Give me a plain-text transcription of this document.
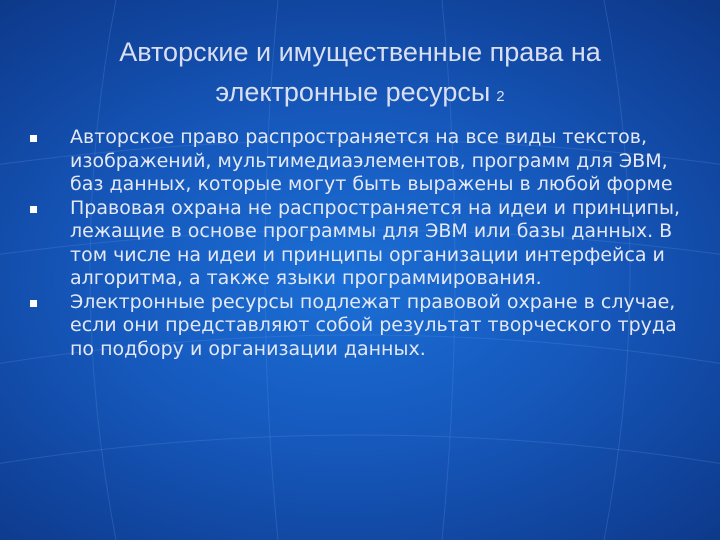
Авторские и имущественные права на
электронные ресурсы 2
Авторское право распространяется на все виды текстов, изображений, мультимедиаэлементов, программ для ЭВМ, баз данных, которые могут быть выражены в любой форме
Правовая охрана не распространяется на идеи и принципы, лежащие в основе программы для ЭВМ или базы данных. В том числе на идеи и принципы организации интерфейса и алгоритма, а также языки программирования.
Электронные ресурсы подлежат правовой охране в случае, если они представляют собой результат творческого труда по подбору и организации данных.
